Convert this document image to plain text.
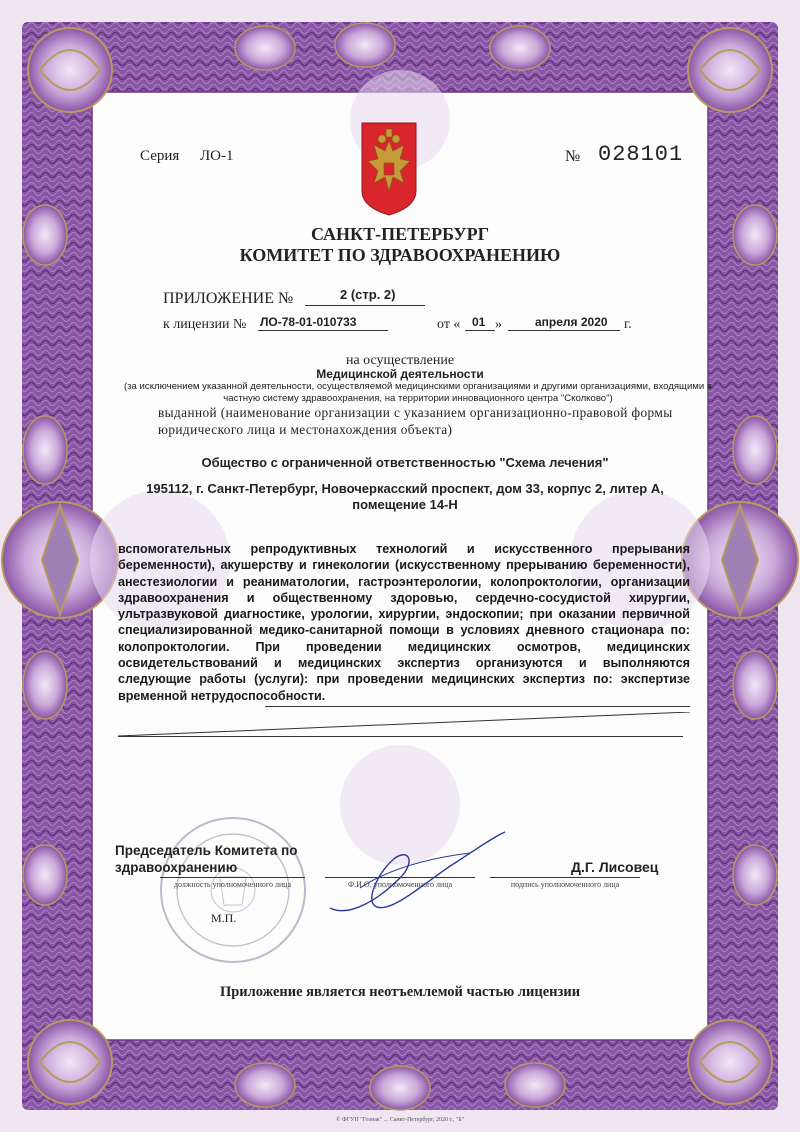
Серия ЛО-1	№ 028101
САНКТ-ПЕТЕРБУРГ
КОМИТЕТ ПО ЗДРАВООХРАНЕНИЮ
ПРИЛОЖЕНИЕ №	2 (стр. 2)
к лицензии № ЛО-78-01-010733	от « 01 »	апреля 2020 г.
на осуществление
Медицинской деятельности
(за исключением указанной деятельности, осуществляемой медицинскими организациями и другими организациями, входящими в частную систему здравоохранения, на территории инновационного центра "Сколково")
выданной (наименование организации с указанием организационно-правовой формы юридического лица и местонахождения объекта)
Общество с ограниченной ответственностью "Схема лечения"
195112, г. Санкт-Петербург, Новочеркасский проспект, дом 33, корпус 2, литер А, помещение 14-Н
вспомогательных репродуктивных технологий и искусственного прерывания беременности), акушерству и гинекологии (искусственному прерыванию беременности), анестезиологии и реаниматологии, гастроэнтерологии, колопроктологии, организации здравоохранения и общественному здоровью, сердечно-сосудистой хирургии, ультразвуковой диагностике, урологии, хирургии, эндоскопии; при оказании первичной специализированной медико-санитарной помощи в условиях дневного стационара по: колопроктологии. При проведении медицинских осмотров, медицинских освидетельствований и медицинских экспертиз организуются и выполняются следующие работы (услуги): при проведении медицинских экспертиз по: экспертизе временной нетрудоспособности.
Председатель Комитета по здравоохранению
должность уполномоченного лица	Ф.И.О. уполномоченного лица
Д.Г. Лисовец
подпись уполномоченного лица
М.П.
Приложение является неотъемлемой частью лицензии
© ФГУП "Гознак" ... Санкт-Петербург, 2020 г., "Б"
